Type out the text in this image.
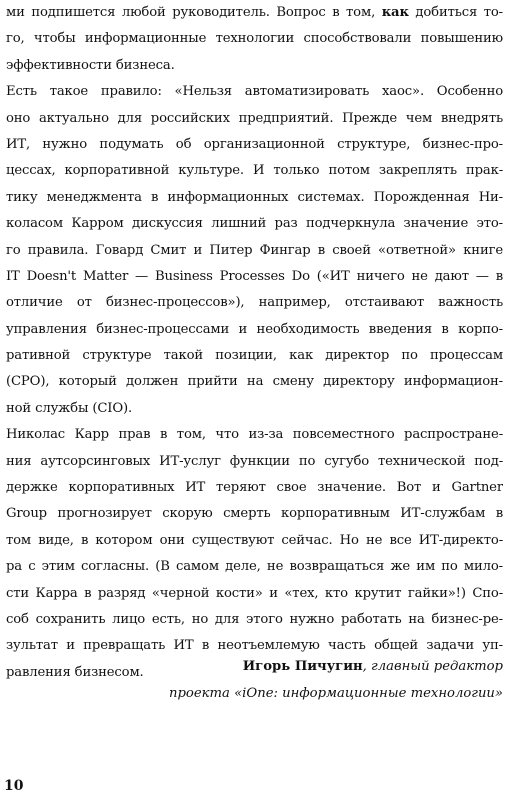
ми подпишется любой руководитель. Вопрос в том, как добиться то-
го, чтобы информационные технологии способствовали повышению
эффективности бизнеса.
Есть такое правило: «Нельзя автоматизировать хаос». Особенно
оно актуально для российских предприятий. Прежде чем внедрять
ИТ, нужно подумать об организационной структуре, бизнес-про-
цессах, корпоративной культуре. И только потом закреплять прак-
тику менеджмента в информационных системах. Порожденная Ни-
коласом Карром дискуссия лишний раз подчеркнула значение это-
го правила. Говард Смит и Питер Фингар в своей «ответной» книге
IT Doesn't Matter — Business Processes Do («ИТ ничего не дают — в
отличие от бизнес-процессов»), например, отстаивают важность
управления бизнес-процессами и необходимость введения в корпо-
ративной структуре такой позиции, как директор по процессам
(CPO), который должен прийти на смену директору информацион-
ной службы (CIO).
Николас Карр прав в том, что из-за повсеместного распростране-
ния аутсорсинговых ИТ-услуг функции по сугубо технической под-
держке корпоративных ИТ теряют свое значение. Вот и Gartner
Group прогнозирует скорую смерть корпоративным ИТ-службам в
том виде, в котором они существуют сейчас. Но не все ИТ-директо-
ра с этим согласны. (В самом деле, не возвращаться же им по мило-
сти Карра в разряд «черной кости» и «тех, кто крутит гайки»!) Спо-
соб сохранить лицо есть, но для этого нужно работать на бизнес-ре-
зультат и превращать ИТ в неотъемлемую часть общей задачи уп-
равления бизнесом.	Игорь Пичугин, главный редактор
проекта «iOne: информационные технологии»
10
